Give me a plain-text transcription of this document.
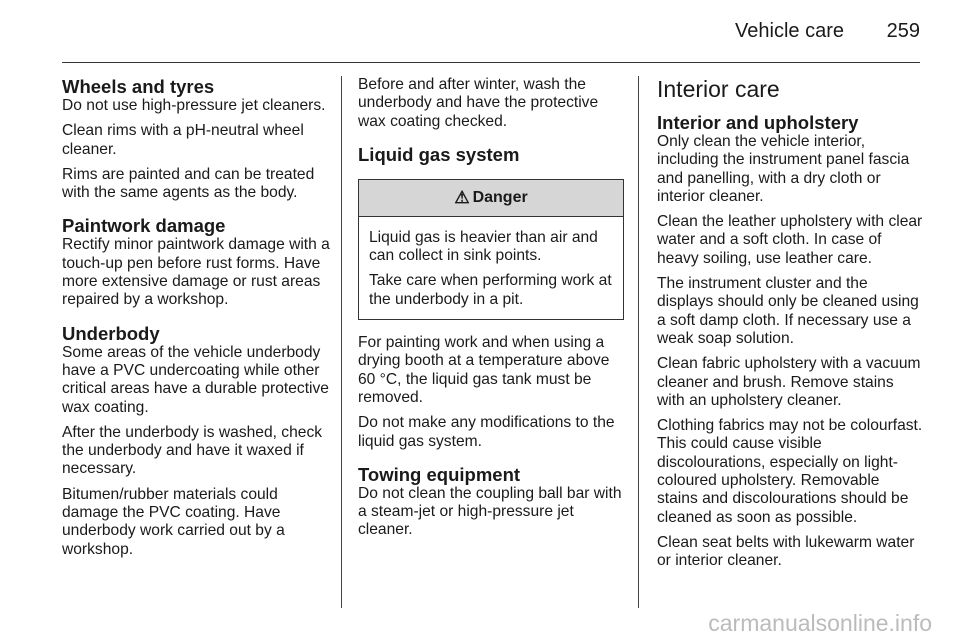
Vehicle care 259
Wheels and tyres

Do not use high-pressure jet cleaners.

Clean rims with a pH-neutral wheel cleaner.

Rims are painted and can be treated with the same agents as the body.

Paintwork damage

Rectify minor paintwork damage with a touch-up pen before rust forms. Have more extensive damage or rust areas repaired by a workshop.

Underbody

Some areas of the vehicle underbody have a PVC undercoating while other critical areas have a durable protective wax coating.

After the underbody is washed, check the underbody and have it waxed if necessary.

Bitumen/rubber materials could damage the PVC coating. Have underbody work carried out by a workshop.

Before and after winter, wash the underbody and have the protective wax coating checked.

Liquid gas system
⚠ Danger

Liquid gas is heavier than air and can collect in sink points.

Take care when performing work at the underbody in a pit.

For painting work and when using a drying booth at a temperature above 60 °C, the liquid gas tank must be removed.

Do not make any modifications to the liquid gas system.

Towing equipment

Do not clean the coupling ball bar with a steam-jet or high-pressure jet cleaner.

Interior care
Interior and upholstery

Only clean the vehicle interior, including the instrument panel fascia and panelling, with a dry cloth or interior cleaner.

Clean the leather upholstery with clear water and a soft cloth. In case of heavy soiling, use leather care.

The instrument cluster and the displays should only be cleaned using a soft damp cloth. If necessary use a weak soap solution.

Clean fabric upholstery with a vacuum cleaner and brush. Remove stains with an upholstery cleaner.

Clothing fabrics may not be colourfast. This could cause visible discolourations, especially on light-coloured upholstery. Removable stains and discolourations should be cleaned as soon as possible.

Clean seat belts with lukewarm water or interior cleaner.

carmanualsonline.info
